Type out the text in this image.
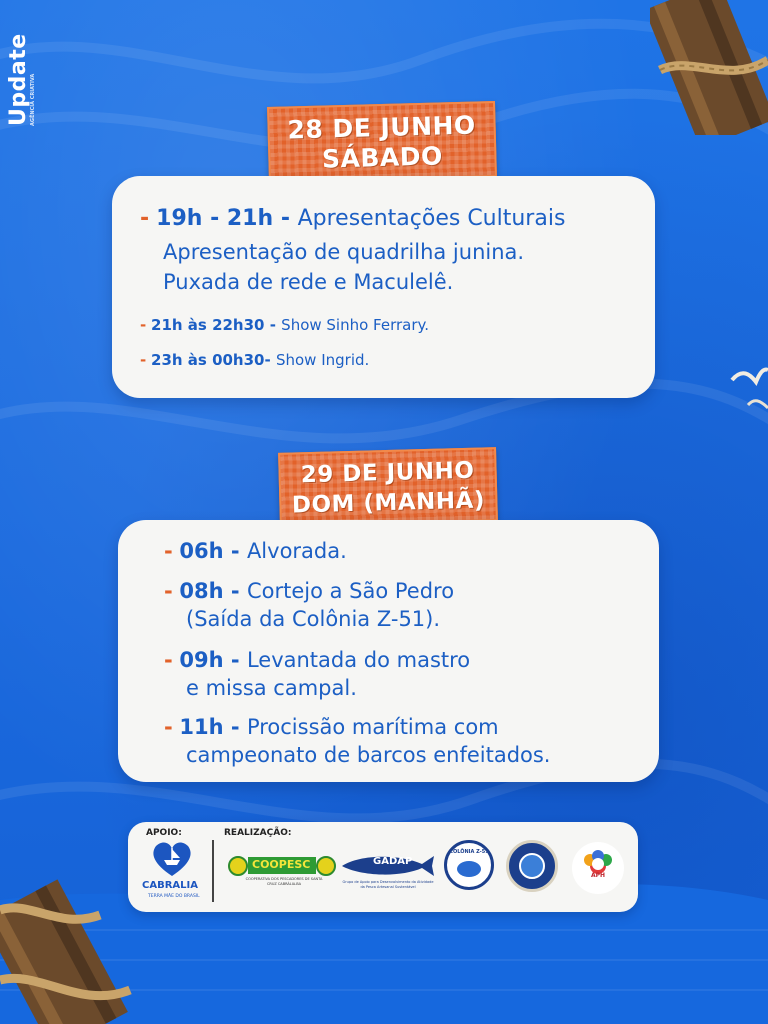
Update AGÊNCIA CRIATIVA
28 DE JUNHO
SÁBADO
- 19h - 21h - Apresentações Culturais
Apresentação de quadrilha junina.
Puxada de rede e Maculelê.
- 21h às 22h30 - Show Sinho Ferrary.
- 23h às 00h30- Show Ingrid.
29 DE JUNHO
DOM (MANHÃ)
- 06h - Alvorada.
- 08h - Cortejo a São Pedro
(Saída da Colônia Z-51).
- 09h - Levantada do mastro
e missa campal.
- 11h - Procissão marítima com
campeonato de barcos enfeitados.
APOIO:	REALIZAÇÃO:
CABRALIA
TERRA MÃE DO BRASIL
COOPESC
COOPERATIVA DOS PESCADORES DE SANTA CRUZ CABRÁLIA-BA
GADAP
Grupo de Apoio para Desenvolvimento da Atividade da Pesca Artesanal Sustentável
COLÔNIA Z-51
APH
